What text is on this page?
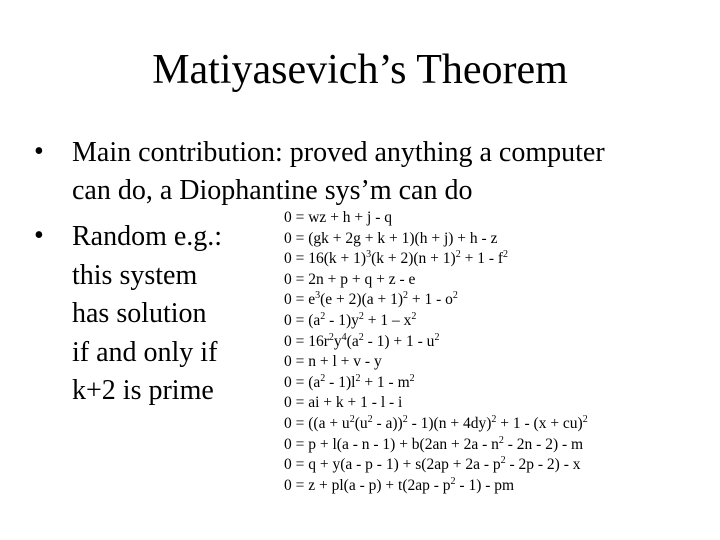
Matiyasevich’s Theorem
•	Main contribution: proved anything a computer
can do, a Diophantine sys’m can do
•	Random e.g.:
this system
has solution
if and only if
k+2 is prime
0 = wz + h + j - q
0 = (gk + 2g + k + 1)(h + j) + h - z
$0 = 16(k + 1)^3(k + 2)(n + 1)^2 + 1 - f^2$
0 = 2n + p + q + z - e
$0 = e^3(e + 2)(a + 1)^2 + 1 - o^2$
$0 = (a^2 - 1)y^2 + 1 - x^2$
$0 = 16r^2y^4(a^2 - 1) + 1 - u^2$
0 = n + l + v - y
$0 = (a^2 - 1)l^2 + 1 - m^2$
0 = ai + k + 1 - l - i
$0 = ((a + u^2(u^2 - a))^2 - 1)(n + 4dy)^2 + 1 - (x + cu)^2$
$0 = p + l(a - n - 1) + b(2an + 2a - n^2 - 2n - 2) - m$
$0 = q + y(a - p - 1) + s(2ap + 2a - p^2 - 2p - 2) - x$
$0 = z + pl(a - p) + t(2ap - p^2 - 1)$ - pm
